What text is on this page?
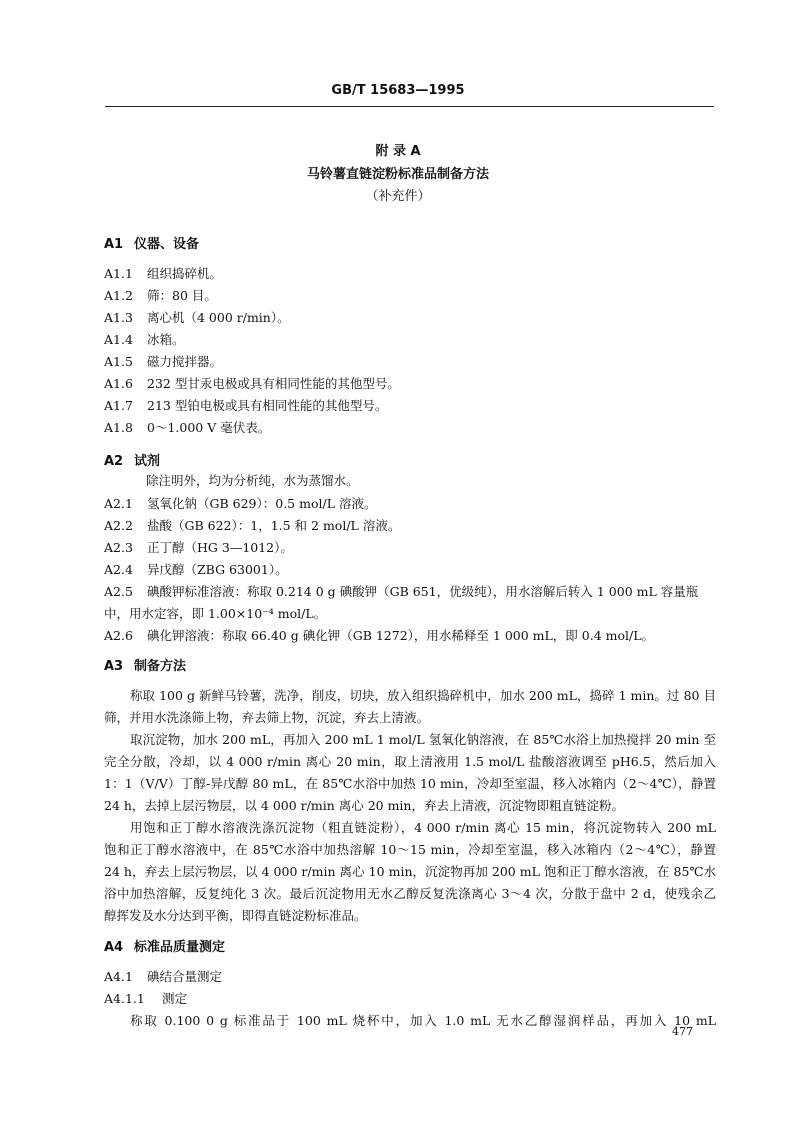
GB/T 15683—1995
附 录 A
马铃薯直链淀粉标准品制备方法
（补充件）
A1 仪器、设备
A1.1 组织捣碎机。
A1.2 筛：80 目。
A1.3 离心机（4 000 r/min）。
A1.4 冰箱。
A1.5 磁力搅拌器。
A1.6 232 型甘汞电极或具有相同性能的其他型号。
A1.7 213 型铂电极或具有相同性能的其他型号。
A1.8 0～1.000 V 毫伏表。
A2 试剂
除注明外，均为分析纯，水为蒸馏水。
A2.1 氢氧化钠（GB 629）：0.5 mol/L 溶液。
A2.2 盐酸（GB 622）：1，1.5 和 2 mol/L 溶液。
A2.3 正丁醇（HG 3—1012）。
A2.4 异戊醇（ZBG 63001）。
A2.5 碘酸钾标准溶液：称取 0.214 0 g 碘酸钾（GB 651，优级纯），用水溶解后转入 1 000 mL 容量瓶
中，用水定容，即 1.00×10⁻⁴ mol/L。
A2.6 碘化钾溶液：称取 66.40 g 碘化钾（GB 1272），用水稀释至 1 000 mL，即 0.4 mol/L。
A3 制备方法
称取 100 g 新鲜马铃薯，洗净，削皮，切块，放入组织捣碎机中，加水 200 mL，捣碎 1 min。过 80 目
筛，并用水洗涤筛上物，弃去筛上物，沉淀，弃去上清液。
取沉淀物，加水 200 mL，再加入 200 mL 1 mol/L 氢氧化钠溶液，在 85℃水浴上加热搅拌 20 min 至
完全分散，冷却，以 4 000 r/min 离心 20 min，取上清液用 1.5 mol/L 盐酸溶液调至 pH6.5，然后加入
1：1（V/V）丁醇-异戊醇 80 mL，在 85℃水浴中加热 10 min，冷却至室温，移入冰箱内（2～4℃），静置
24 h，去掉上层污物层，以 4 000 r/min 离心 20 min，弃去上清液，沉淀物即粗直链淀粉。
用饱和正丁醇水溶液洗涤沉淀物（粗直链淀粉），4 000 r/min 离心 15 min，将沉淀物转入 200 mL
饱和正丁醇水溶液中，在 85℃水浴中加热溶解 10～15 min，冷却至室温，移入冰箱内（2～4℃），静置
24 h，弃去上层污物层，以 4 000 r/min 离心 10 min，沉淀物再加 200 mL 饱和正丁醇水溶液，在 85℃水
浴中加热溶解，反复纯化 3 次。最后沉淀物用无水乙醇反复洗涤离心 3～4 次，分散于盘中 2 d，使残余乙
醇挥发及水分达到平衡，即得直链淀粉标准品。
A4 标准品质量测定
A4.1 碘结合量测定
A4.1.1 测定
称取 0.100 0 g 标准品于 100 mL 烧杯中，加入 1.0 mL 无水乙醇湿润样品，再加入 10 mL
477
